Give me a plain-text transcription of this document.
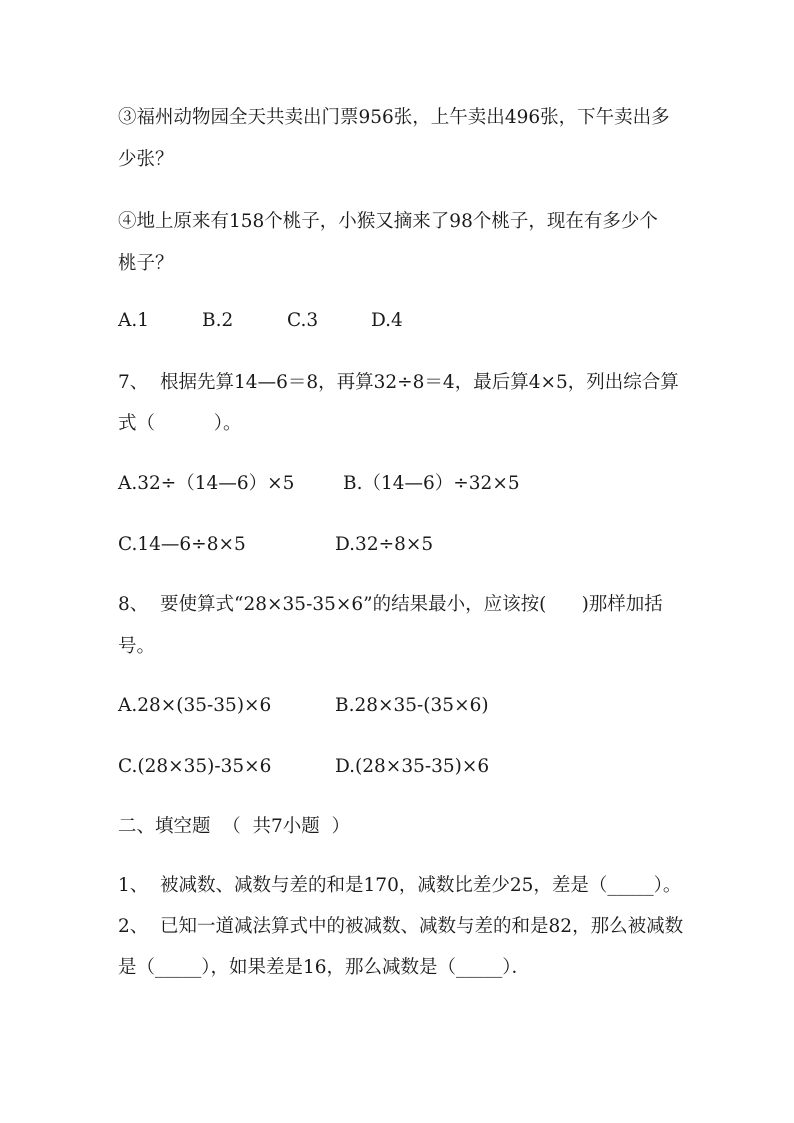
③福州动物园全天共卖出门票956张，上午卖出496张，下午卖出多
少张？
④地上原来有158个桃子，小猴又摘来了98个桃子，现在有多少个
桃子？
A.1	B.2	C.3	D.4
7、  根据先算14—6＝8，再算32÷8＝4，最后算4×5，列出综合算
式（          ）。
A.32÷（14—6）×5	B.（14—6）÷32×5
C.14—6÷8×5	D.32÷8×5
8、  要使算式“28×35-35×6”的结果最小，应该按(      )那样加括
号。
A.28×(35-35)×6	B.28×35-(35×6)
C.(28×35)-35×6	D.(28×35-35)×6
二、填空题  （  共7小题  ）
1、  被减数、减数与差的和是170，减数比差少25，差是（_____）。
2、  已知一道减法算式中的被减数、减数与差的和是82，那么被减数
是（_____），如果差是16，那么减数是（_____）．
